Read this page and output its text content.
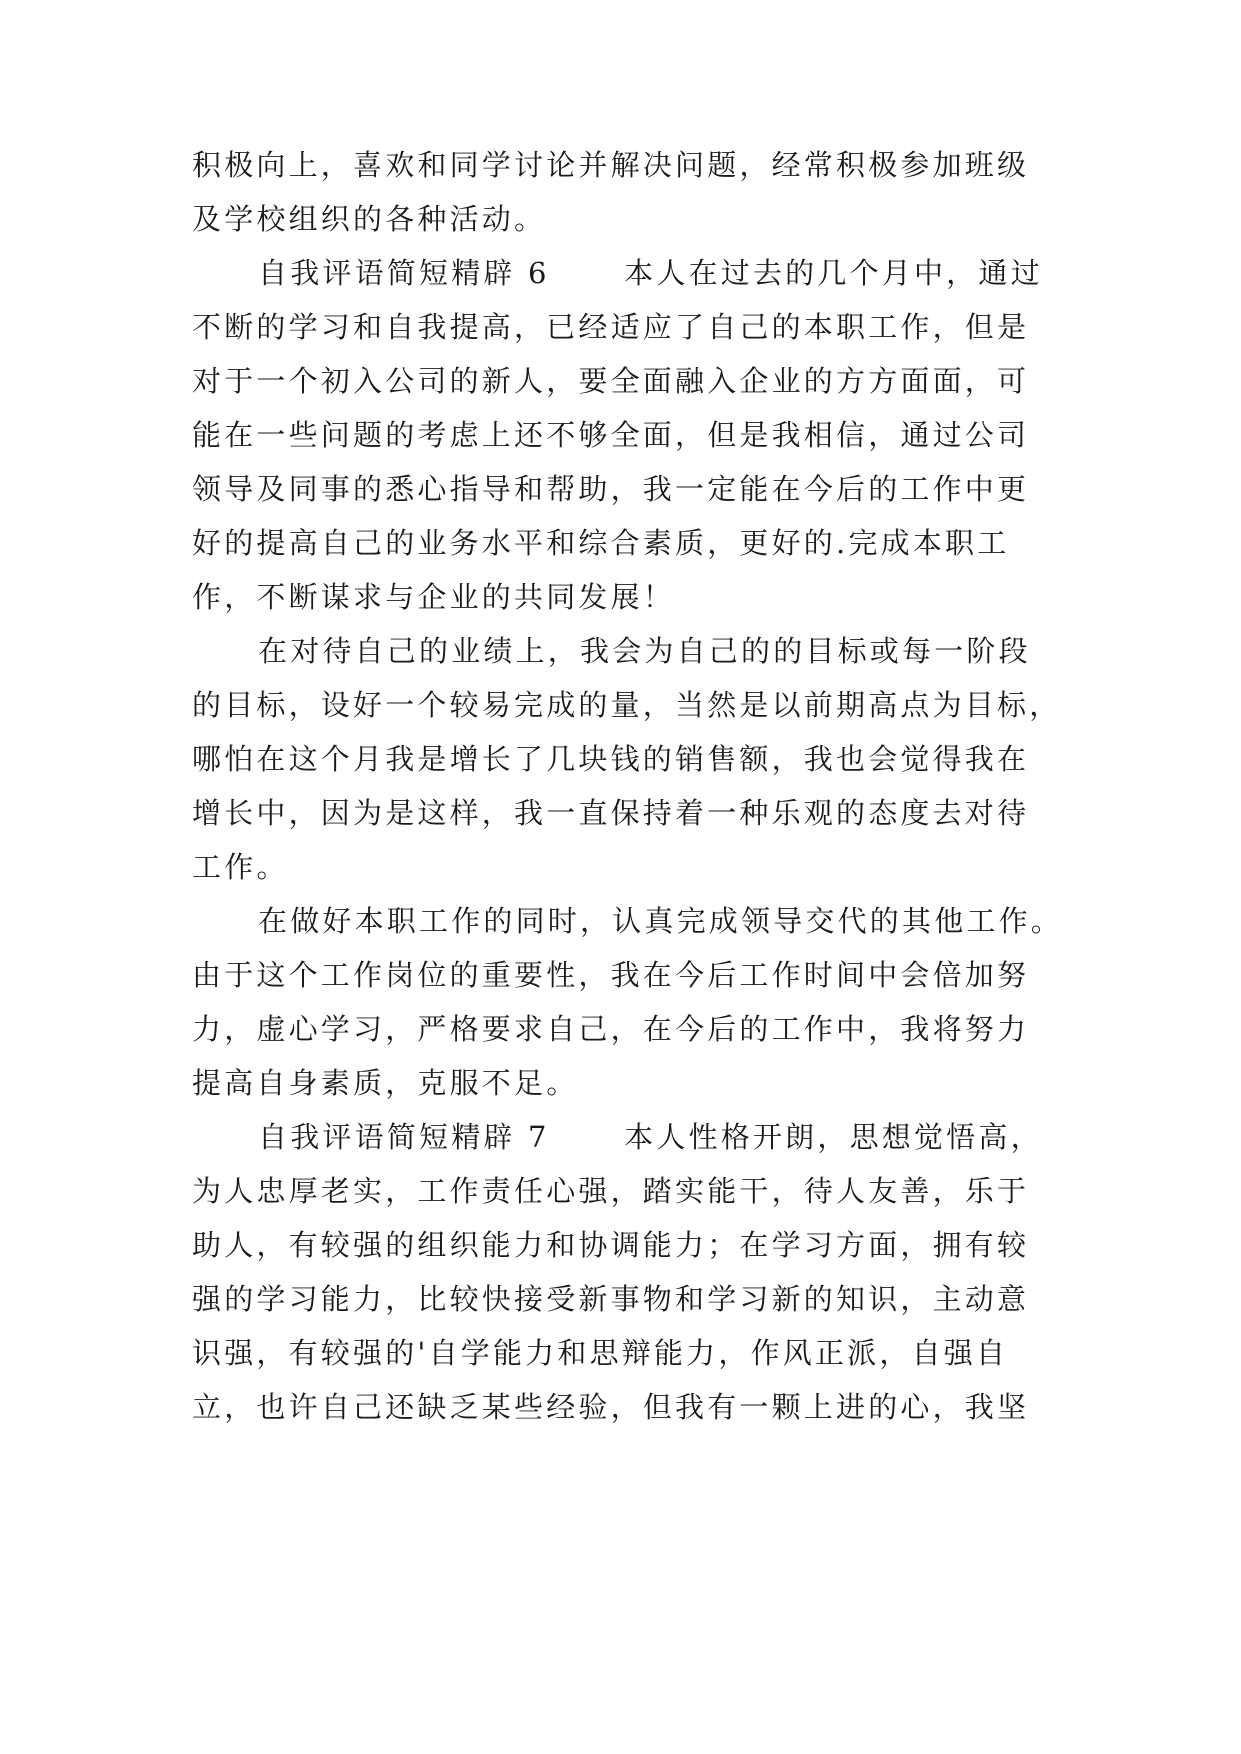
积极向上，喜欢和同学讨论并解决问题，经常积极参加班级
及学校组织的各种活动。
自我评语简短精辟 6      本人在过去的几个月中，通过
不断的学习和自我提高，已经适应了自己的本职工作，但是
对于一个初入公司的新人，要全面融入企业的方方面面，可
能在一些问题的考虑上还不够全面，但是我相信，通过公司
领导及同事的悉心指导和帮助，我一定能在今后的工作中更
好的提高自己的业务水平和综合素质，更好的.完成本职工
作，不断谋求与企业的共同发展！
在对待自己的业绩上，我会为自己的的目标或每一阶段
的目标，设好一个较易完成的量，当然是以前期高点为目标，
哪怕在这个月我是增长了几块钱的销售额，我也会觉得我在
增长中，因为是这样，我一直保持着一种乐观的态度去对待
工作。
在做好本职工作的同时，认真完成领导交代的其他工作。
由于这个工作岗位的重要性，我在今后工作时间中会倍加努
力，虚心学习，严格要求自己，在今后的工作中，我将努力
提高自身素质，克服不足。
自我评语简短精辟 7      本人性格开朗，思想觉悟高，
为人忠厚老实，工作责任心强，踏实能干，待人友善，乐于
助人，有较强的组织能力和协调能力；在学习方面，拥有较
强的学习能力，比较快接受新事物和学习新的知识，主动意
识强，有较强的'自学能力和思辩能力，作风正派，自强自
立，也许自己还缺乏某些经验，但我有一颗上进的心，我坚
